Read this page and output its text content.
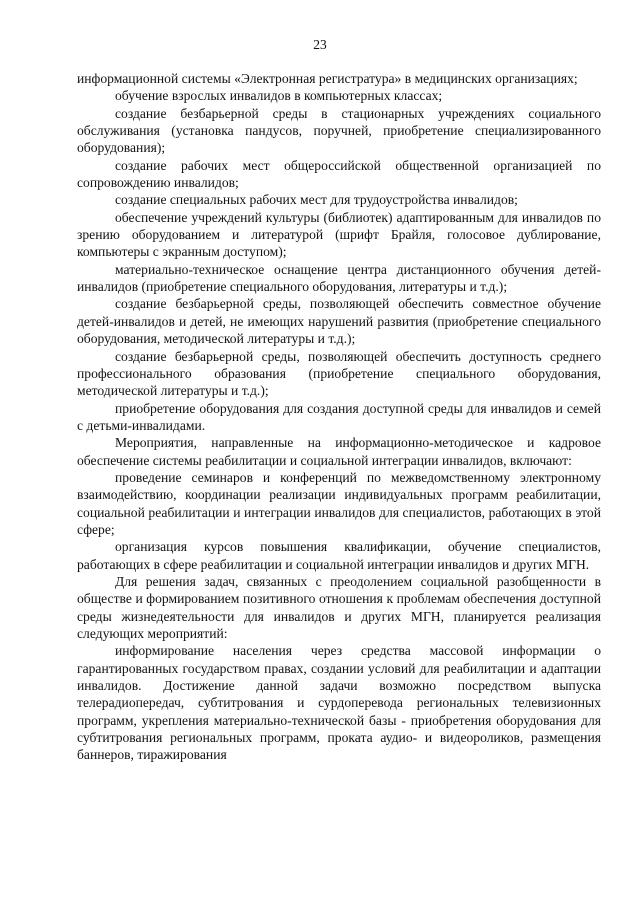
23

информационной системы «Электронная регистратура» в медицинских организациях;

обучение взрослых инвалидов в компьютерных классах;

создание безбарьерной среды в стационарных учреждениях социального обслуживания (установка пандусов, поручней, приобретение специализированного оборудования);

создание рабочих мест общероссийской общественной организацией по сопровождению инвалидов;

создание специальных рабочих мест для трудоустройства инвалидов;

обеспечение учреждений культуры (библиотек) адаптированным для инвалидов по зрению оборудованием и литературой (шрифт Брайля, голосовое дублирование, компьютеры с экранным доступом);

материально-техническое оснащение центра дистанционного обучения детей-инвалидов (приобретение специального оборудования, литературы и т.д.);

создание безбарьерной среды, позволяющей обеспечить совместное обучение детей-инвалидов и детей, не имеющих нарушений развития (приобретение специального оборудования, методической литературы и т.д.);

создание безбарьерной среды, позволяющей обеспечить доступность среднего профессионального образования (приобретение специального оборудования, методической литературы и т.д.);

приобретение оборудования для создания доступной среды для инвалидов и семей с детьми-инвалидами.

Мероприятия, направленные на информационно-методическое и кадровое обеспечение системы реабилитации и социальной интеграции инвалидов, включают:

проведение семинаров и конференций по межведомственному электронному взаимодействию, координации реализации индивидуальных программ реабилитации, социальной реабилитации и интеграции инвалидов для специалистов, работающих в этой сфере;

организация курсов повышения квалификации, обучение специалистов, работающих в сфере реабилитации и социальной интеграции инвалидов и других МГН.

Для решения задач, связанных с преодолением социальной разобщенности в обществе и формированием позитивного отношения к проблемам обеспечения доступной среды жизнедеятельности для инвалидов и других МГН, планируется реализация следующих мероприятий:

информирование населения через средства массовой информации о гарантированных государством правах, создании условий для реабилитации и адаптации инвалидов. Достижение данной задачи возможно посредством выпуска телерадиопередач, субтитрования и сурдоперевода региональных телевизионных программ, укрепления материально-технической базы - приобретения оборудования для субтитрования региональных программ, проката аудио- и видеороликов, размещения баннеров, тиражирования
